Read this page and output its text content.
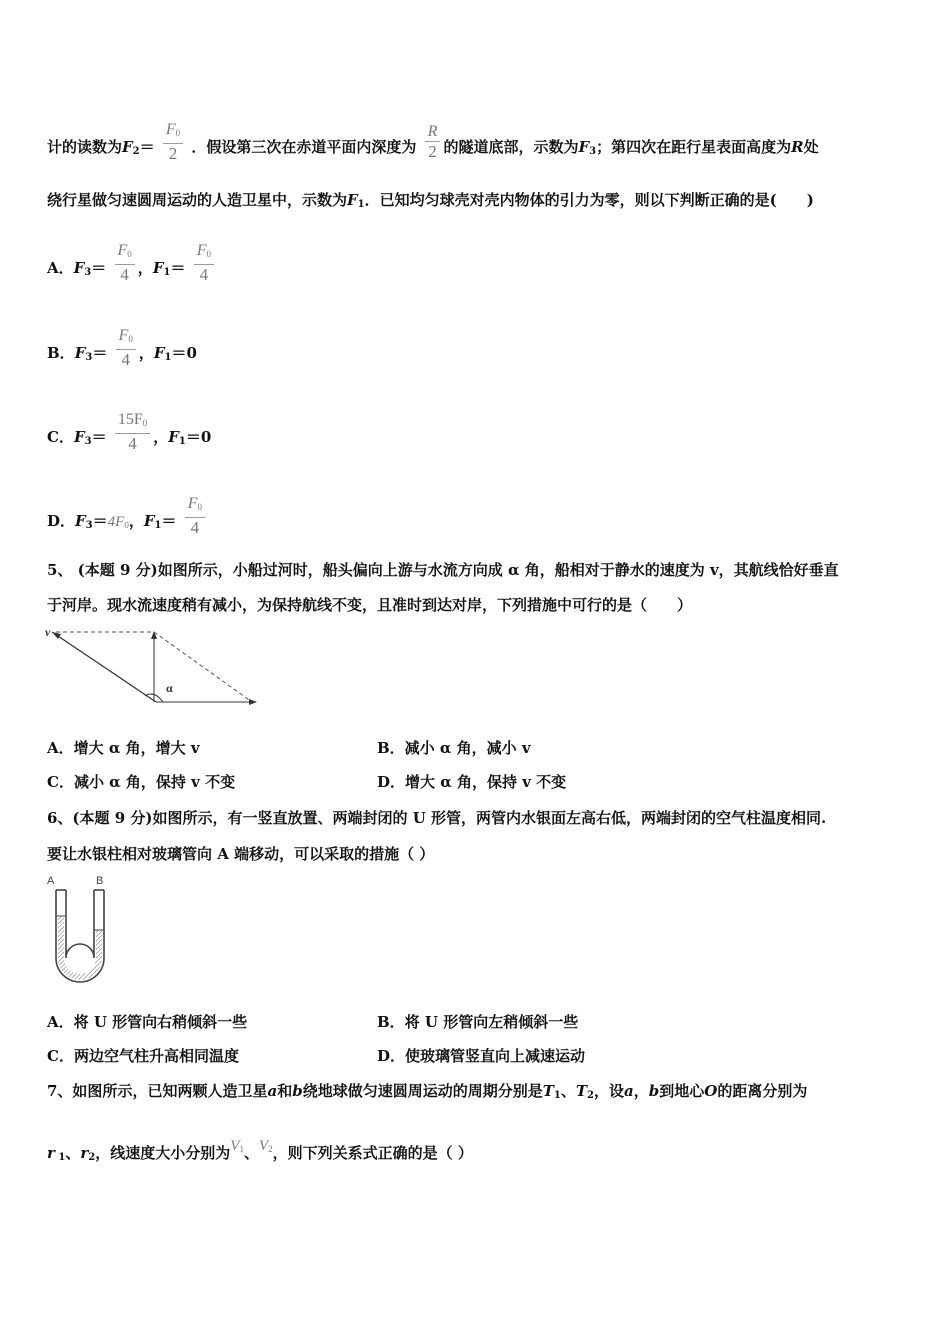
计的读数为$F_2= \frac{F_0}{2}$ ．假设第三次在赤道平面内深度为 $\frac{R}{2}$ 的隧道底部，示数为$F_3$；第四次在距行星表面高度为R处
绕行星做匀速圆周运动的人造卫星中，示数为$F_1$．已知均匀球壳对壳内物体的引力为零，则以下判断正确的是(　　)
A．$F_3= \frac{F_0}{4}$ ，$F_1= \frac{F_0}{4}$
B．$F_3= \frac{F_0}{4}$ ，$F_1=0$
C．$F_3= \frac{15F_0}{4}$ ，$F_1=0$
D．$F_3=4F_0$，$F_1= \frac{F_0}{4}$
5、 (本题 9 分)如图所示，小船过河时，船头偏向上游与水流方向成 α 角，船相对于静水的速度为 v，其航线恰好垂直
于河岸。现水流速度稍有减小，为保持航线不变，且准时到达对岸，下列措施中可行的是（　　）
v
α
A．增大 α 角，增大 v	B．减小 α 角，减小 v
C．减小 α 角，保持 v 不变	D．增大 α 角，保持 v 不变
6、(本题 9 分)如图所示，有一竖直放置、两端封闭的 U 形管，两管内水银面左高右低，两端封闭的空气柱温度相同.
要让水银柱相对玻璃管向 A 端移动，可以采取的措施（ ）
A	B
A．将 U 形管向右稍倾斜一些	B．将 U 形管向左稍倾斜一些
C．两边空气柱升高相同温度	D．使玻璃管竖直向上减速运动
7、如图所示，已知两颗人造卫星a和b绕地球做匀速圆周运动的周期分别是$T_1$、$T_2$，设a，b到地心O的距离分别为
r $_1$、$r_2$，线速度大小分别为$V_1$、$V_2$，则下列关系式正确的是（ ）
